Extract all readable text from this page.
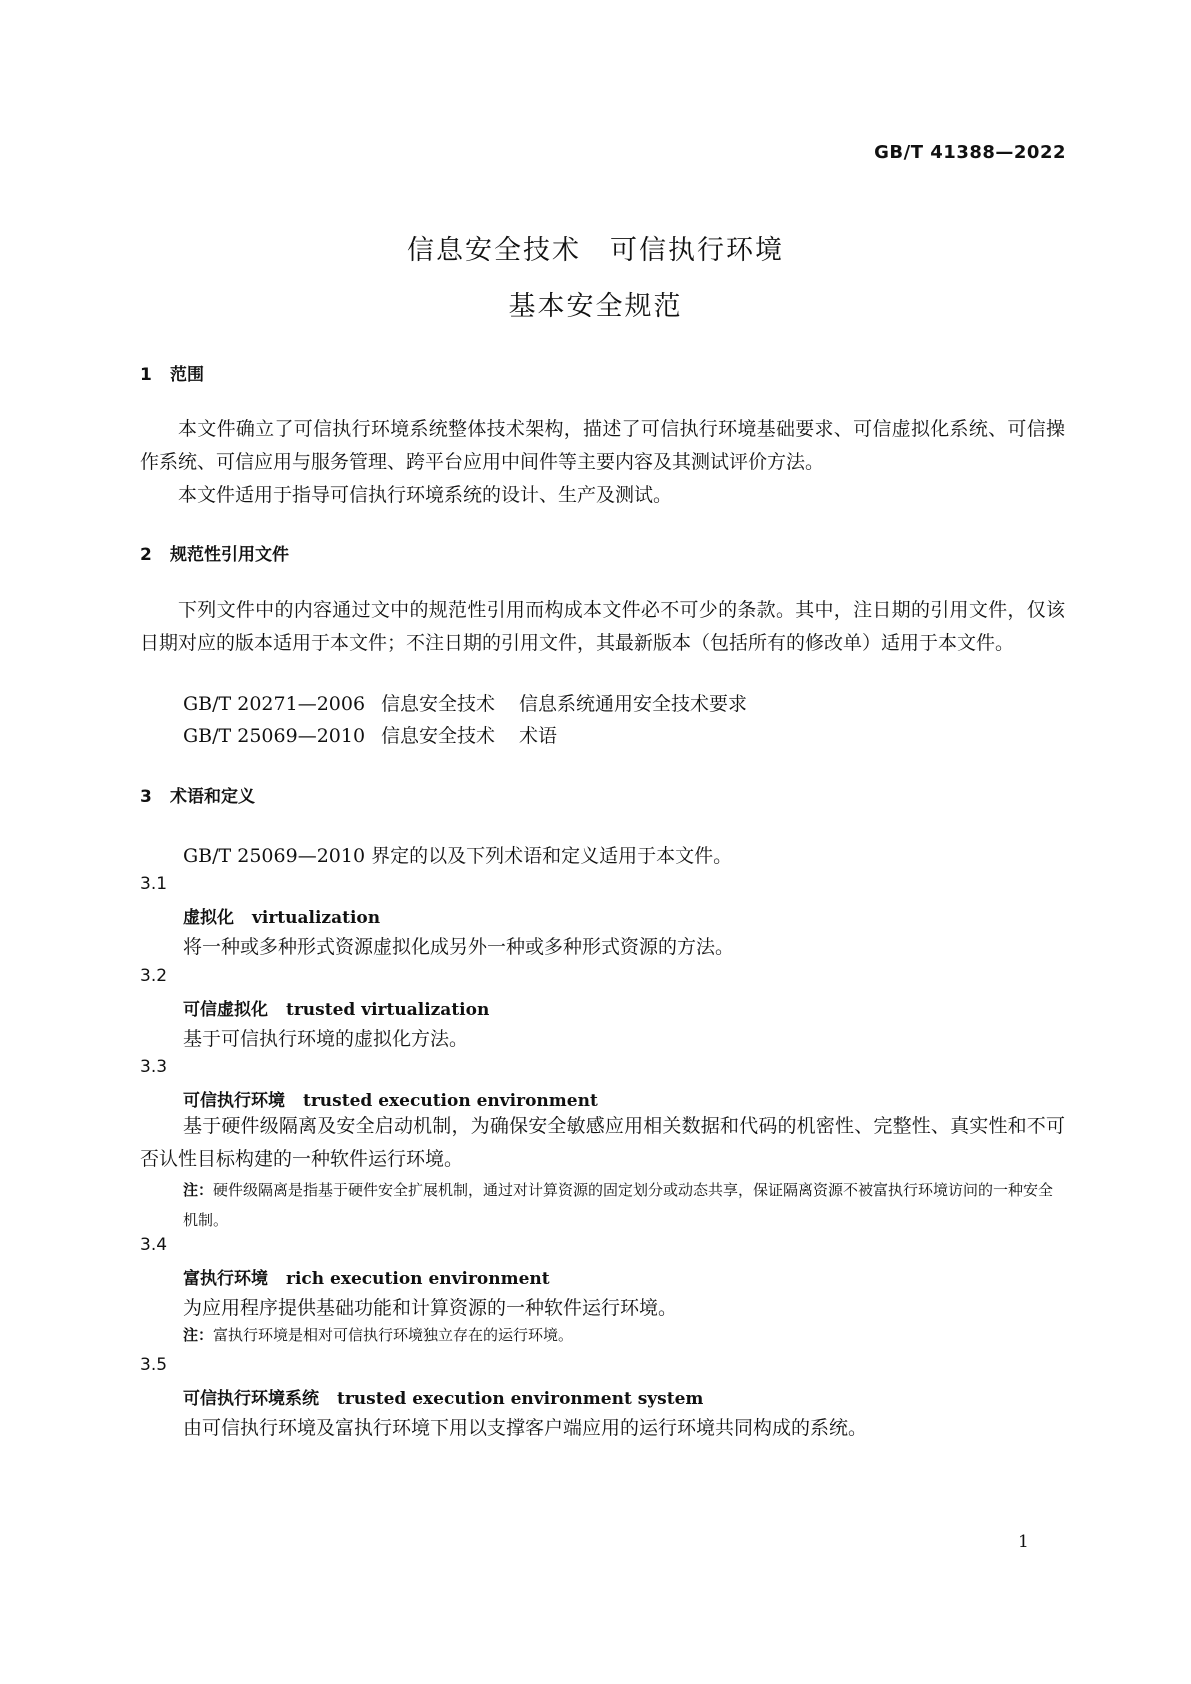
GB/T 41388—2022
信息安全技术　可信执行环境
基本安全规范
1 范围
本文件确立了可信执行环境系统整体技术架构，描述了可信执行环境基础要求、可信虚拟化系统、可信操作系统、可信应用与服务管理、跨平台应用中间件等主要内容及其测试评价方法。
本文件适用于指导可信执行环境系统的设计、生产及测试。
2 规范性引用文件
下列文件中的内容通过文中的规范性引用而构成本文件必不可少的条款。其中，注日期的引用文件，仅该日期对应的版本适用于本文件；不注日期的引用文件，其最新版本（包括所有的修改单）适用于本文件。
GB/T 20271—2006 信息安全技术 信息系统通用安全技术要求
GB/T 25069—2010 信息安全技术 术语
3 术语和定义
GB/T 25069—2010 界定的以及下列术语和定义适用于本文件。
3.1
虚拟化 virtualization
将一种或多种形式资源虚拟化成另外一种或多种形式资源的方法。
3.2
可信虚拟化 trusted virtualization
基于可信执行环境的虚拟化方法。
3.3
可信执行环境 trusted execution environment
基于硬件级隔离及安全启动机制，为确保安全敏感应用相关数据和代码的机密性、完整性、真实性和不可否认性目标构建的一种软件运行环境。
注：硬件级隔离是指基于硬件安全扩展机制，通过对计算资源的固定划分或动态共享，保证隔离资源不被富执行环境访问的一种安全机制。
3.4
富执行环境 rich execution environment
为应用程序提供基础功能和计算资源的一种软件运行环境。
注：富执行环境是相对可信执行环境独立存在的运行环境。
3.5
可信执行环境系统 trusted execution environment system
由可信执行环境及富执行环境下用以支撑客户端应用的运行环境共同构成的系统。
1
